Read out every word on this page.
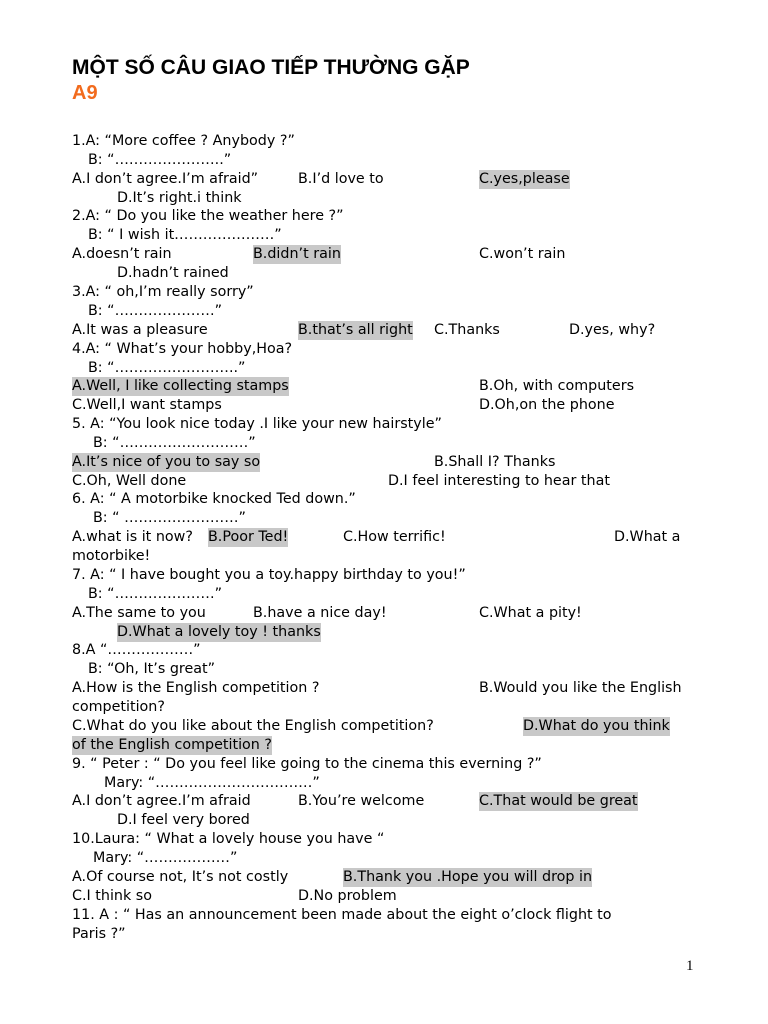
MỘT SỐ CÂU GIAO TIẾP THƯỜNG GẶP
A9
1.A: “More coffee ? Anybody ?”
B: “…………………..”
A.I don’t agree.I’m afraid”	B.I’d love to	C.yes,please
D.It’s right.i think
2.A: “ Do you like the weather here ?”
B: “ I wish it…………………”
A.doesn’t rain	B.didn’t rain	C.won’t rain
D.hadn’t rained
3.A: “ oh,I’m really sorry”
B: “…………………”
A.It was a pleasure	B.that’s all right C.Thanks	D.yes, why?
4.A: “ What’s your hobby,Hoa?
B: “……………………..”
A.Well, I like collecting stamps	B.Oh, with computers
C.Well,I want stamps	D.Oh,on the phone
5. A: “You look nice today .I like your new hairstyle”
B: “………………………”
A.It’s nice of you to say so	B.Shall I? Thanks
C.Oh, Well done	D.I feel interesting to hear that
6. A: “ A motorbike knocked Ted down.”
B: “ ……………………”
A.what is it now? B.Poor Ted!	C.How terrific!	D.What a
motorbike!
7. A: “ I have bought you a toy.happy birthday to you!”
B: “…………………”
A.The same to you	B.have a nice day!	C.What a pity!
D.What a lovely toy ! thanks
8.A “………………”
B: “Oh, It’s great”
A.How is the English competition ?	B.Would you like the English
competition?
C.What do you like about the English competition?	D.What do you think
of the English competition ?
9. “ Peter : “ Do you feel like going to the cinema this everning ?”
Mary: “……………………………”
A.I don’t agree.I’m afraid	B.You’re welcome	C.That would be great
D.I feel very bored
10.Laura: “ What a lovely house you have “
Mary: “………………”
A.Of course not, It’s not costly	B.Thank you .Hope you will drop in
C.I think so	D.No problem
11. A : “ Has an announcement been made about the eight o’clock flight to
Paris ?”
1
